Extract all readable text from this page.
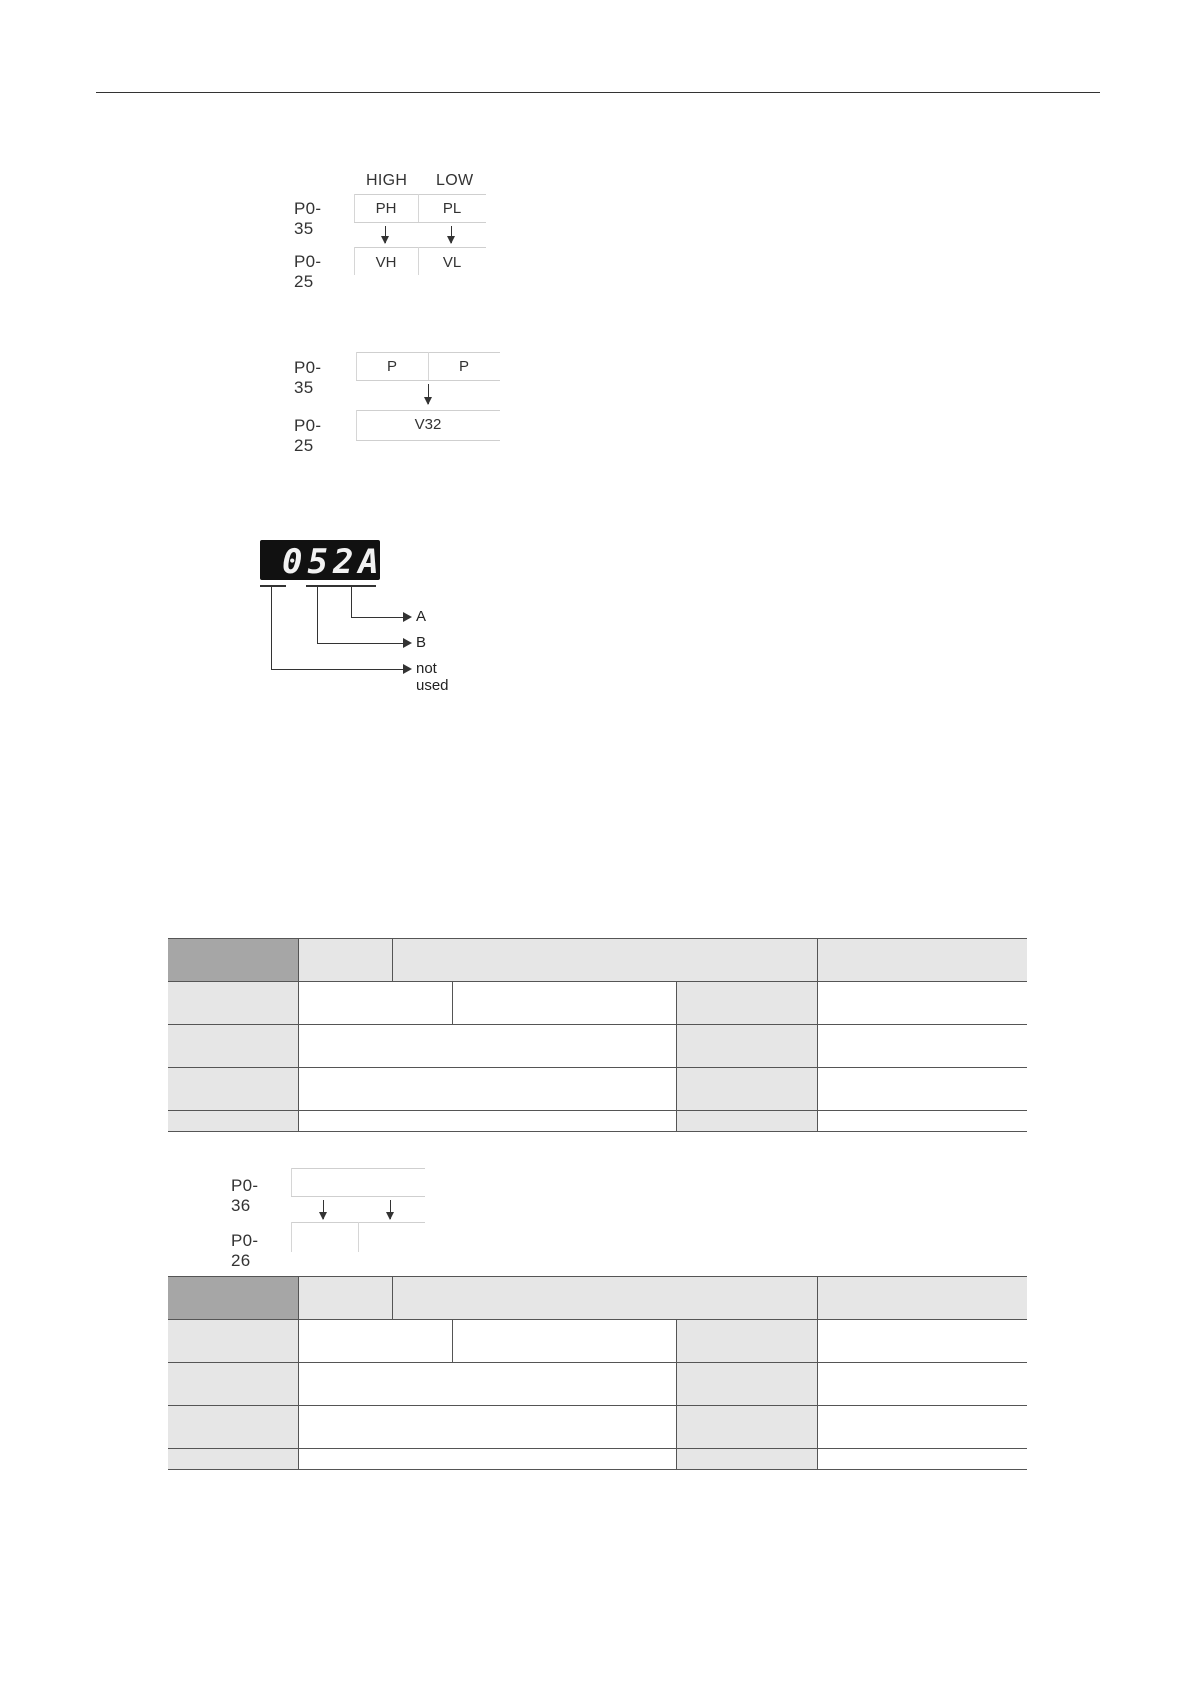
HIGH LOW
P0-35
P0-25
PH	PL
VH	VL
P0-35
P0-25
P	P
V32
052A
A
B
not used

P0-36
P0-26
